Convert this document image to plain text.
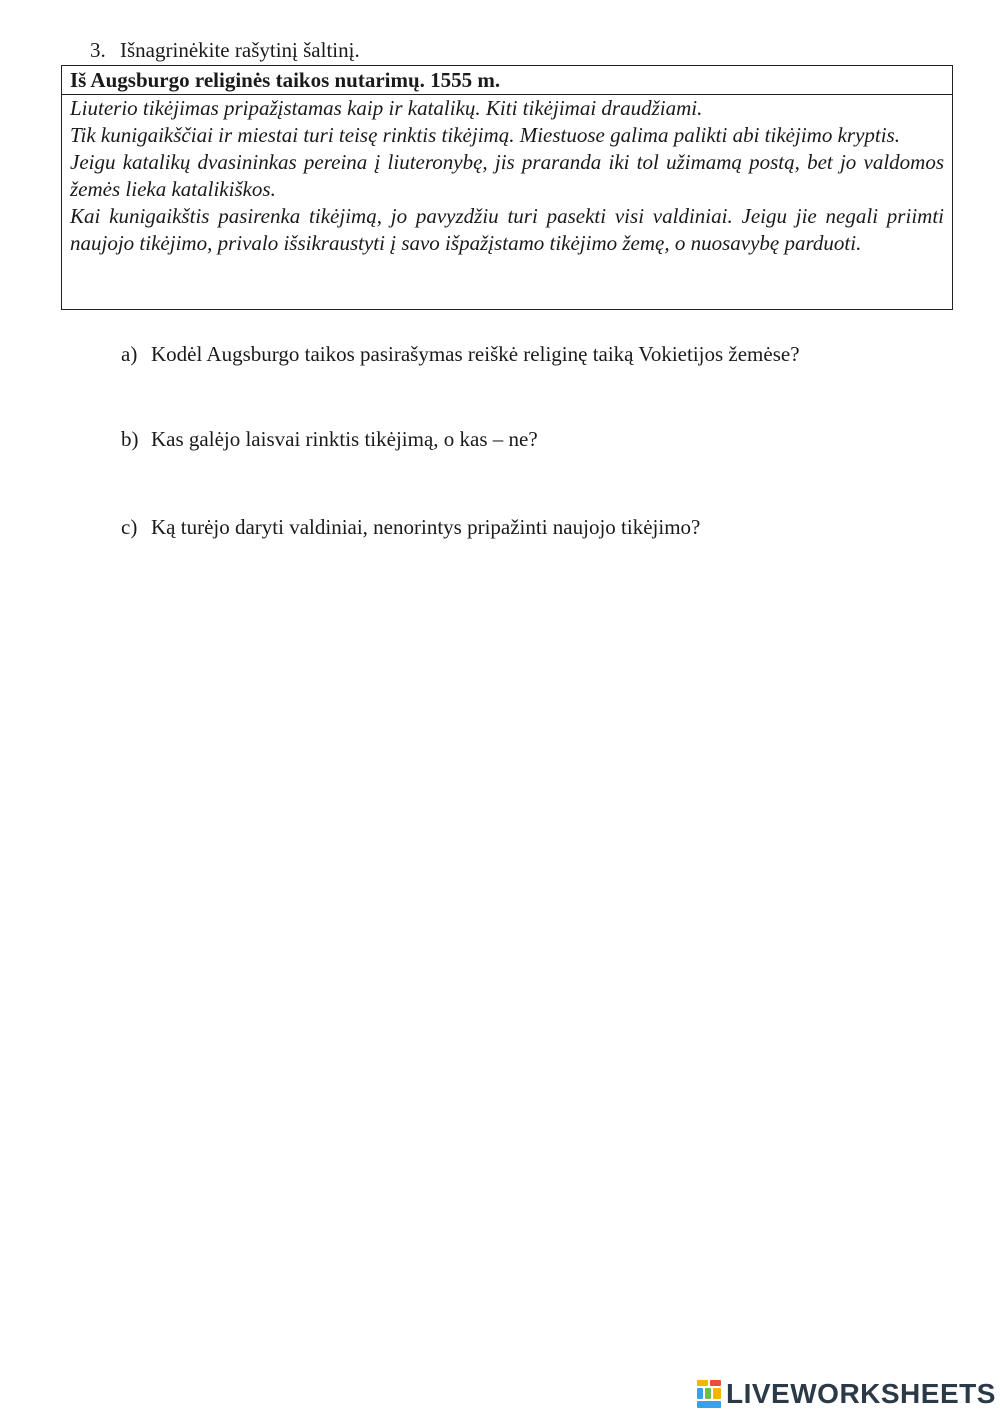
3. Išnagrinėkite rašytinį šaltinį.
Iš Augsburgo religinės taikos nutarimų. 1555 m.

Liuterio tikėjimas pripažįstamas kaip ir katalikų. Kiti tikėjimai draudžiami.

Tik kunigaikščiai ir miestai turi teisę rinktis tikėjimą. Miestuose galima palikti abi tikėjimo kryptis.

Jeigu katalikų dvasininkas pereina į liuteronybę, jis praranda iki tol užimamą postą, bet jo valdomos žemės lieka katalikiškos.

Kai kunigaikštis pasirenka tikėjimą, jo pavyzdžiu turi pasekti visi valdiniai. Jeigu jie negali priimti naujojo tikėjimo, privalo išsikraustyti į savo išpažįstamo tikėjimo žemę, o nuosavybę parduoti.

a) Kodėl Augsburgo taikos pasirašymas reiškė religinę taiką Vokietijos žemėse?
b) Kas galėjo laisvai rinktis tikėjimą, o kas – ne?
c) Ką turėjo daryti valdiniai, nenorintys pripažinti naujojo tikėjimo?
LIVEWORKSHEETS
